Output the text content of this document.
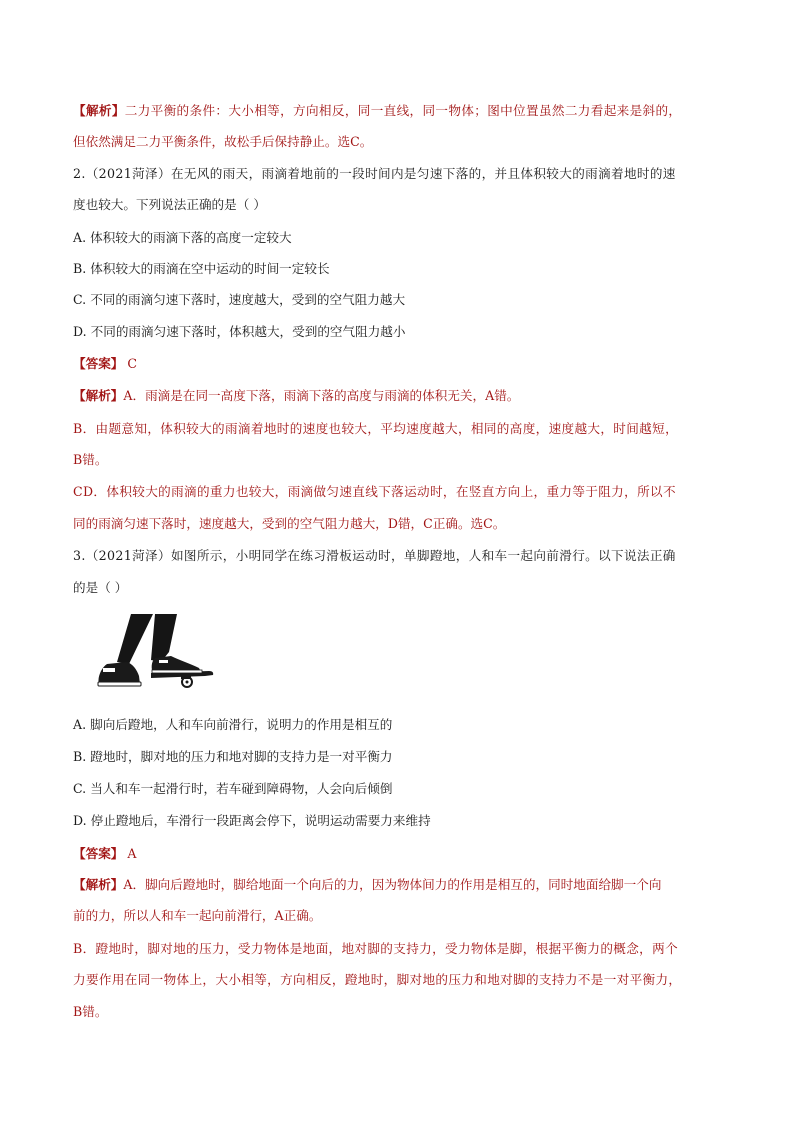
【解析】二力平衡的条件：大小相等，方向相反，同一直线，同一物体；图中位置虽然二力看起来是斜的，
但依然满足二力平衡条件，故松手后保持静止。选C。
2.（2021菏泽）在无风的雨天，雨滴着地前的一段时间内是匀速下落的，并且体积较大的雨滴着地时的速
度也较大。下列说法正确的是（ ）
A. 体积较大的雨滴下落的高度一定较大
B. 体积较大的雨滴在空中运动的时间一定较长
C. 不同的雨滴匀速下落时，速度越大，受到的空气阻力越大
D. 不同的雨滴匀速下落时，体积越大，受到的空气阻力越小
【答案】 C
【解析】A．雨滴是在同一高度下落，雨滴下落的高度与雨滴的体积无关，A错。
B．由题意知，体积较大的雨滴着地时的速度也较大，平均速度越大，相同的高度，速度越大，时间越短，
B错。
CD．体积较大的雨滴的重力也较大，雨滴做匀速直线下落运动时，在竖直方向上，重力等于阻力，所以不
同的雨滴匀速下落时，速度越大，受到的空气阻力越大，D错，C正确。选C。
3.（2021菏泽）如图所示，小明同学在练习滑板运动时，单脚蹬地，人和车一起向前滑行。以下说法正确
的是（ ）
A. 脚向后蹬地，人和车向前滑行，说明力的作用是相互的
B. 蹬地时，脚对地的压力和地对脚的支持力是一对平衡力
C. 当人和车一起滑行时，若车碰到障碍物，人会向后倾倒
D. 停止蹬地后，车滑行一段距离会停下，说明运动需要力来维持
【答案】 A
【解析】A．脚向后蹬地时，脚给地面一个向后的力，因为物体间力的作用是相互的，同时地面给脚一个向
前的力，所以人和车一起向前滑行，A正确。
B．蹬地时，脚对地的压力，受力物体是地面，地对脚的支持力，受力物体是脚，根据平衡力的概念，两个
力要作用在同一物体上，大小相等，方向相反，蹬地时，脚对地的压力和地对脚的支持力不是一对平衡力，
B错。
